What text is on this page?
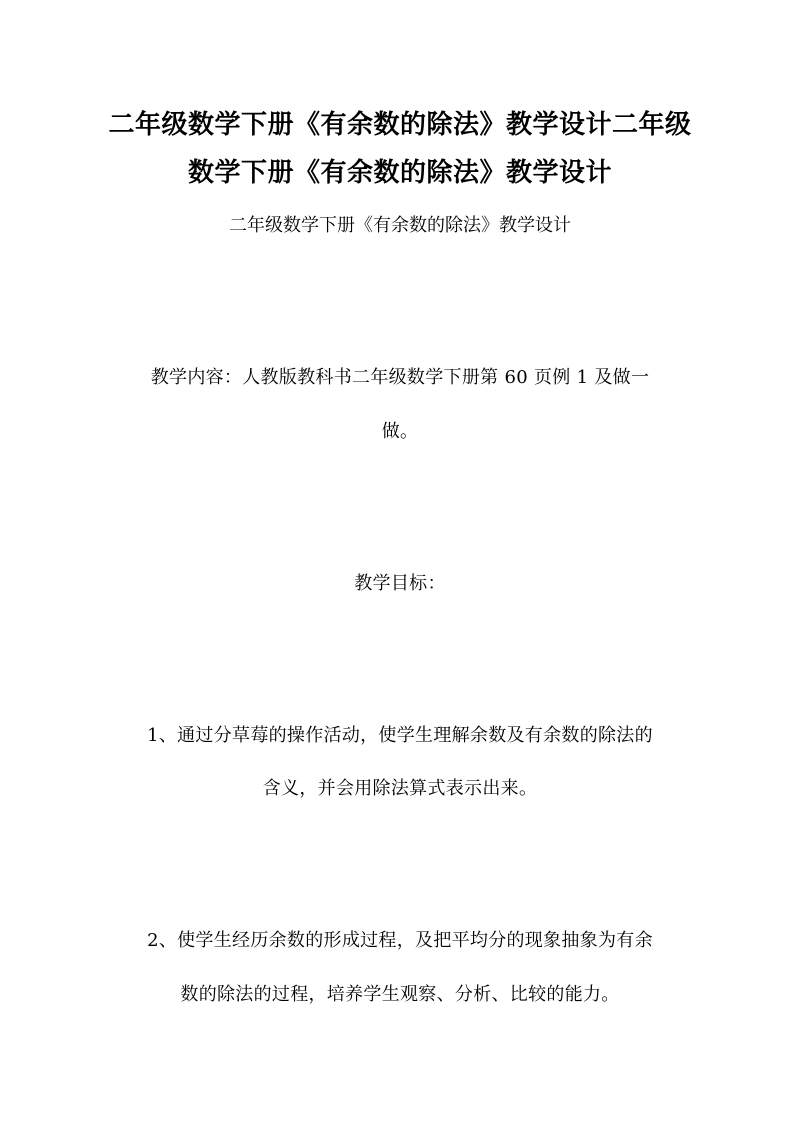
二年级数学下册《有余数的除法》教学设计二年级
数学下册《有余数的除法》教学设计
二年级数学下册《有余数的除法》教学设计
教学内容：人教版教科书二年级数学下册第 60 页例 1 及做一
做。
教学目标：
1、通过分草莓的操作活动，使学生理解余数及有余数的除法的
含义，并会用除法算式表示出来。
2、使学生经历余数的形成过程，及把平均分的现象抽象为有余
数的除法的过程，培养学生观察、分析、比较的能力。
